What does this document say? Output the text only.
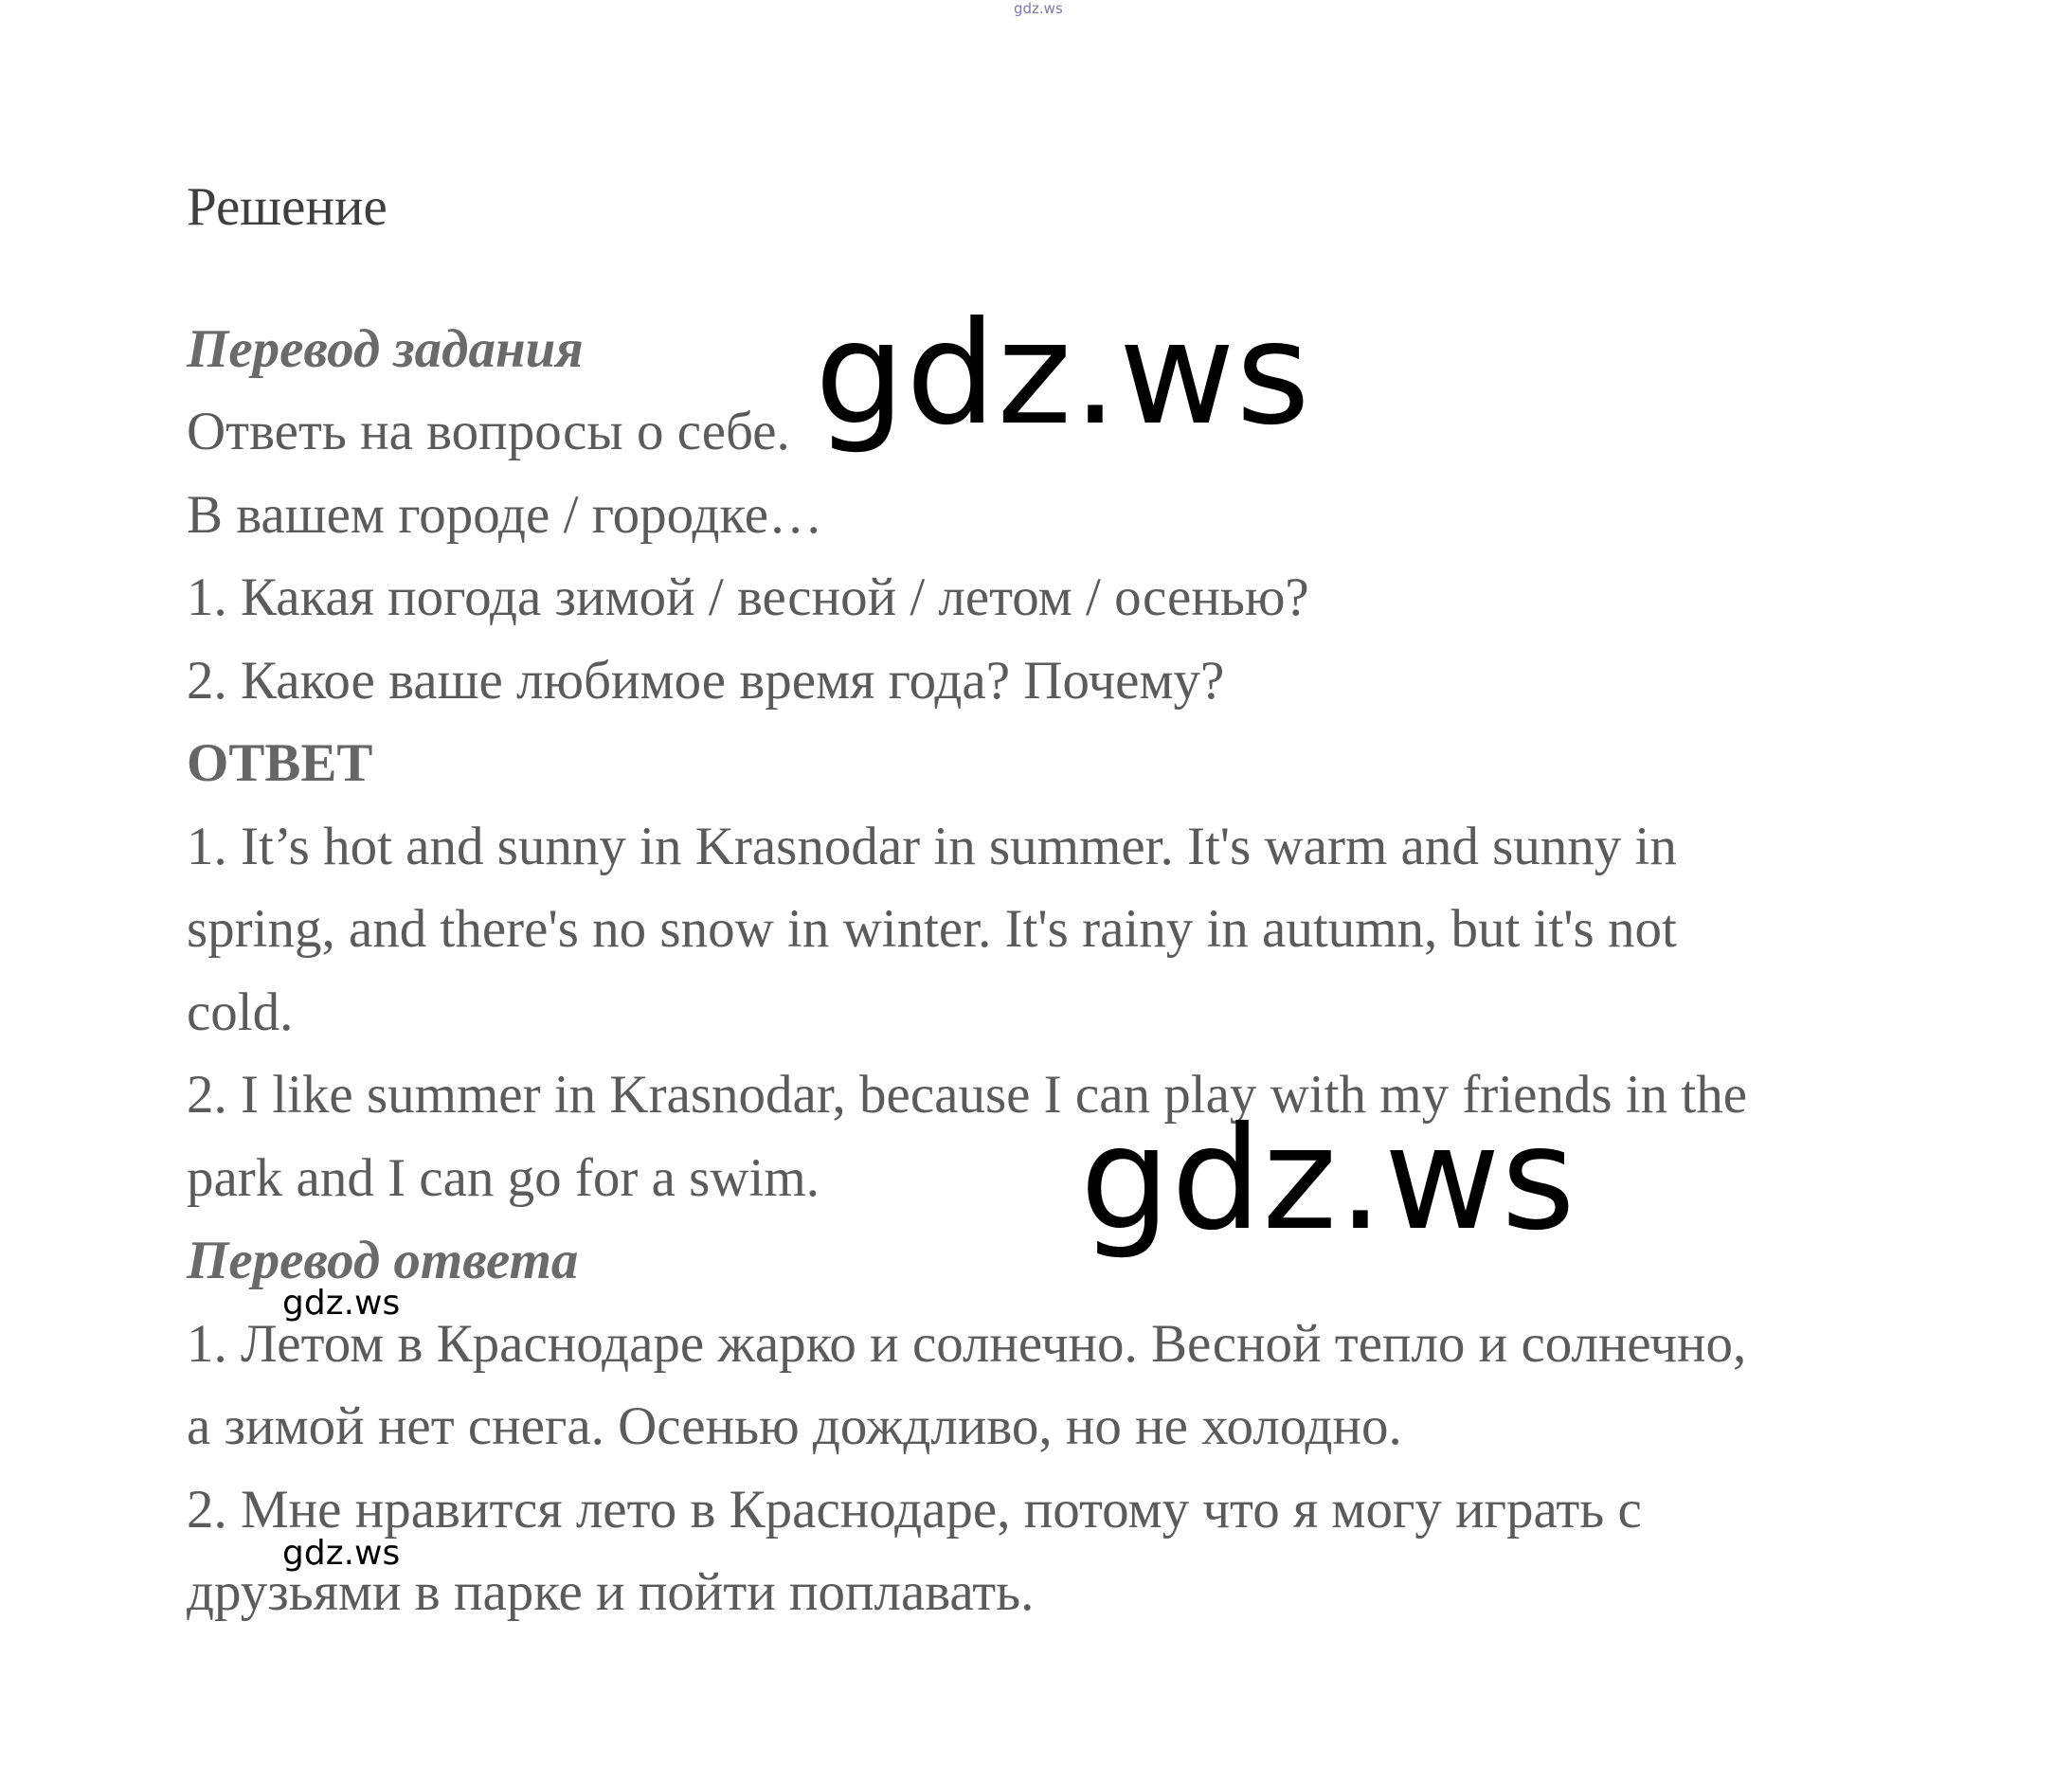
gdz.ws
Решение
Перевод задания
Ответь на вопросы о себе.
В вашем городе / городке…
1. Какая погода зимой / весной / летом / осенью?
2. Какое ваше любимое время года? Почему?
ОТВЕТ
1. It’s hot and sunny in Krasnodar in summer. It's warm and sunny in
spring, and there's no snow in winter. It's rainy in autumn, but it's not
cold.
2. I like summer in Krasnodar, because I can play with my friends in the
park and I can go for a swim.
Перевод ответа
1. Летом в Краснодаре жарко и солнечно. Весной тепло и солнечно,
а зимой нет снега. Осенью дождливо, но не холодно.
2. Мне нравится лето в Краснодаре, потому что я могу играть с
друзьями в парке и пойти поплавать.
gdz.ws
gdz.ws
gdz.ws
gdz.ws
